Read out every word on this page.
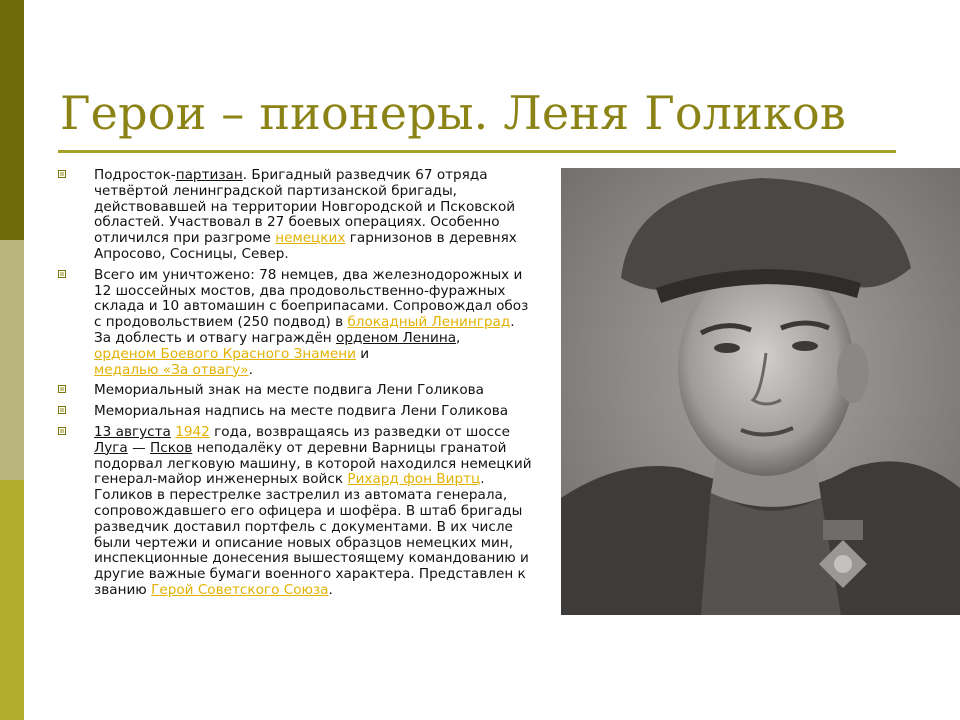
Герои – пионеры. Леня Голиков
Подросток-партизан. Бригадный разведчик 67 отряда четвёртой ленинградской партизанской бригады, действовавшей на территории Новгородской и Псковской областей. Участвовал в 27 боевых операциях. Особенно отличился при разгроме немецких гарнизонов в деревнях Апросово, Сосницы, Север.
Всего им уничтожено: 78 немцев, два железнодорожных и 12 шоссейных мостов, два продовольственно-фуражных склада и 10 автомашин с боеприпасами. Сопровождал обоз с продовольствием (250 подвод) в блокадный Ленинград. За доблесть и отвагу награждён орденом Ленина,
орденом Боевого Красного Знамени и
медалью «За отвагу».
Мемориальный знак на месте подвига Лени Голикова
Мемориальная надпись на месте подвига Лени Голикова
13 августа 1942 года, возвращаясь из разведки от шоссе Луга — Псков неподалёку от деревни Варницы гранатой подорвал легковую машину, в которой находился немецкий генерал-майор инженерных войск Рихард фон Виртц. Голиков в перестрелке застрелил из автомата генерала, сопровождавшего его офицера и шофёра. В штаб бригады разведчик доставил портфель с документами. В их числе были чертежи и описание новых образцов немецких мин, инспекционные донесения вышестоящему командованию и другие важные бумаги военного характера. Представлен к званию Герой Советского Союза.
